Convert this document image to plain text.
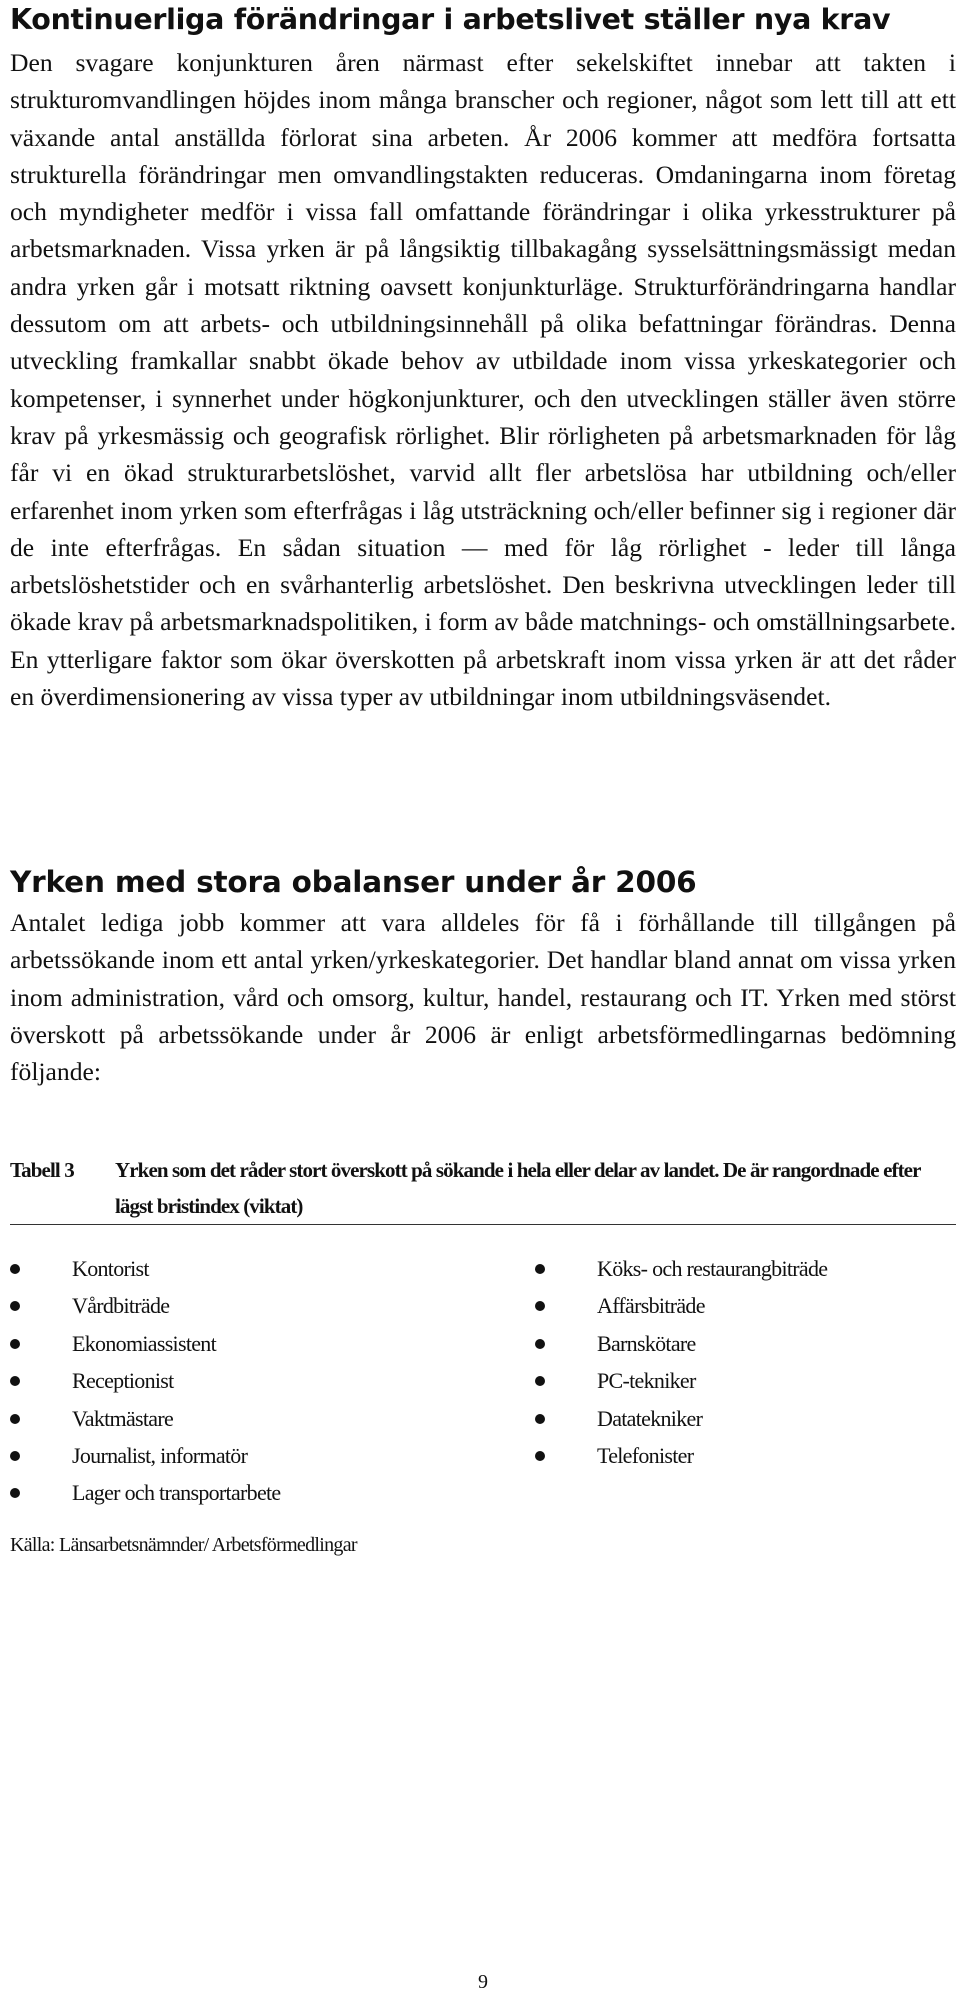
Kontinuerliga förändringar i arbetslivet ställer nya krav

Den svagare konjunkturen åren närmast efter sekelskiftet innebar att takten i strukturomvandlingen höjdes inom många branscher och regioner, något som lett till att ett växande antal anställda förlorat sina arbeten. År 2006 kommer att medföra fortsatta strukturella förändringar men omvandlingstakten reduceras. Omdaningarna inom företag och myndigheter medför i vissa fall omfattande förändringar i olika yrkesstrukturer på arbetsmarknaden. Vissa yrken är på långsiktig tillbakagång sysselsättningsmässigt medan andra yrken går i motsatt riktning oavsett konjunkturläge. Strukturförändringarna handlar dessutom om att arbets- och utbildningsinnehåll på olika befattningar förändras. Denna utveckling framkallar snabbt ökade behov av utbildade inom vissa yrkeskategorier och kompetenser, i synnerhet under högkonjunkturer, och den utvecklingen ställer även större krav på yrkesmässig och geografisk rörlighet. Blir rörligheten på arbetsmarknaden för låg får vi en ökad strukturarbetslöshet, varvid allt fler arbetslösa har utbildning och/eller erfarenhet inom yrken som efterfrågas i låg utsträckning och/eller befinner sig i regioner där de inte efterfrågas. En sådan situation — med för låg rörlighet - leder till långa arbetslöshetstider och en svårhanterlig arbetslöshet. Den beskrivna utvecklingen leder till ökade krav på arbetsmarknadspolitiken, i form av både matchnings- och omställningsarbete. En ytterligare faktor som ökar överskotten på arbetskraft inom vissa yrken är att det råder en överdimensionering av vissa typer av utbildningar inom utbildningsväsendet.

Yrken med stora obalanser under år 2006

Antalet lediga jobb kommer att vara alldeles för få i förhållande till tillgången på arbetssökande inom ett antal yrken/yrkeskategorier. Det handlar bland annat om vissa yrken inom administration, vård och omsorg, kultur, handel, restaurang och IT. Yrken med störst överskott på arbetssökande under år 2006 är enligt arbetsförmedlingarnas bedömning följande:

Tabell 3 Yrken som det råder stort överskott på sökande i hela eller delar av landet. De är rangordnade efter lägst bristindex (viktat)
Kontorist
Vårdbiträde
Ekonomiassistent
Receptionist
Vaktmästare
Journalist, informatör
Lager och transportarbete
Köks- och restaurangbiträde
Affärsbiträde
Barnskötare
PC-tekniker
Datatekniker
Telefonister
Källa: Länsarbetsnämnder/ Arbetsförmedlingar
9
